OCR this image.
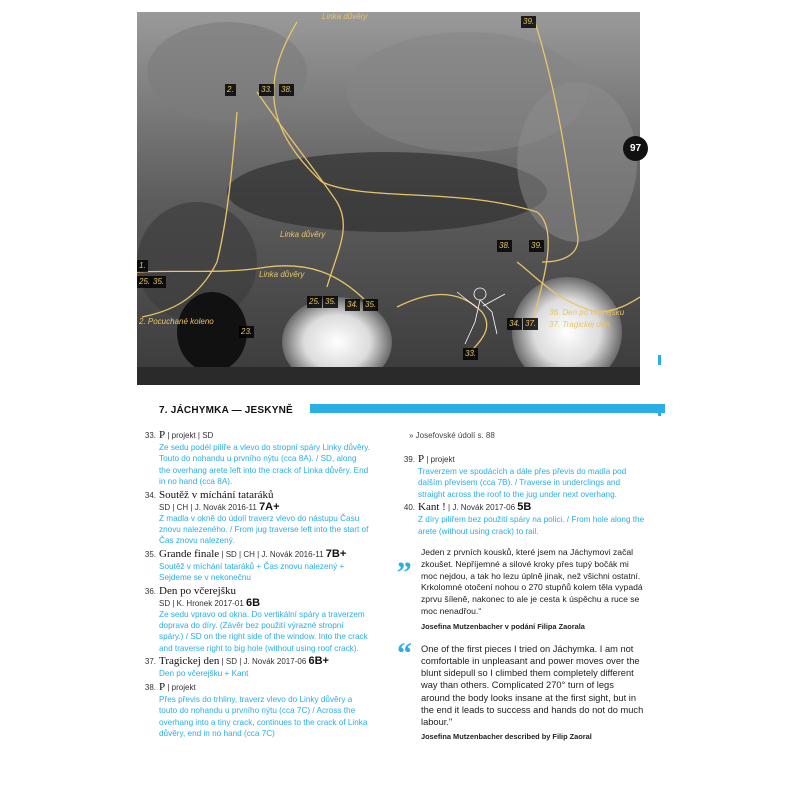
Linka důvěry
Linka důvěry
Linka důvěry
2. Pocuchané koleno
36. Den po včerejšku
37. Tragickej den
2.	33. 38.
39.
38.	39.
1.
25. 35.
25. 35. 34. 35.
23.
34. 37.
33.
97
7. JÁCHYMKA — JESKYNĚ
33. P | projekt | SD
Ze sedu podél pilíře a vlevo do stropní spáry Linky důvěry. Touto do nohandu u prvního nýtu (cca 8A). / SD, along the overhang arete left into the crack of Linka důvěry. End in no hand (cca 8A).
34. Soutěž v míchání tataráků
SD | CH | J. Novák 2016-11 7A+
Z madla v okně do údolí traverz vlevo do nástupu Času znovu nalezeného. / From jug traverse left into the start of Čas znovu nalezený.
35. Grande finale | SD | CH | J. Novák 2016-11 7B+
Soutěž v míchání tataráků + Čas znovu nalezený + Sejdeme se v nekonečnu
36. Den po včerejšku
SD | K. Hronek 2017-01 6B
Ze sedu vpravo od okna. Do vertikální spáry a traverzem doprava do díry. (Závěr bez použití výrazné stropní spáry.) / SD on the right side of the window. Into the crack and traverse right to big hole (without using roof crack).
37. Tragickej den | SD | J. Novák 2017-06 6B+
Den po včerejšku + Kant
38. P | projekt
Přes převis do trhliny, traverz vlevo do Linky důvěry a touto do nohandu u prvního nýtu (cca 7C) / Across the overhang into a tiny crack, continues to the crack of Linka důvěry, end in no hand (cca 7C)
» Josefovské údolí s. 88
39. P | projekt
Traverzem ve spodácích a dále přes převis do madla pod dalším převisem (cca 7B). / Traverse in underclings and straight across the roof to the jug under next overhang.
40. Kant ! | J. Novák 2017-06 5B
Z díry pilířem bez použití spáry na polici. / From hole along the arete (without using crack) to rail.
„ Jeden z prvních kousků, které jsem na Jáchymovi začal zkoušet. Nepříjemné a silové kroky přes tupý bočák mi moc nejdou, a tak ho lezu úplně jinak, než všichni ostatní. Krkolomné otočení nohou o 270 stupňů kolem těla vypadá zprvu šíleně, nakonec to ale je cesta k úspěchu a ruce se moc nenadřou.“
Josefina Mutzenbacher v podání Filipa Zaorala
“ One of the first pieces I tried on Jáchymka. I am not comfortable in unpleasant and power moves over the blunt sidepull so I climbed them completely different way than others. Complicated 270° turn of legs around the body looks insane at the first sight, but in the end it leads to success and hands do not do much labour."
Josefina Mutzenbacher described by Filip Zaoral
